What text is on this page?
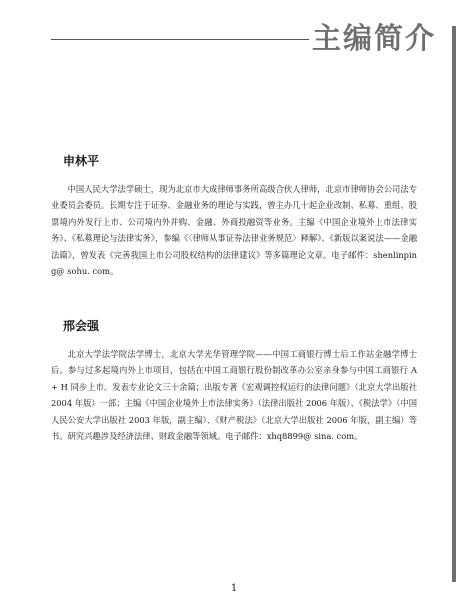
主编简介
申林平

中国人民大学法学硕士，现为北京市大成律师事务所高级合伙人律师，北京市律师协会公司法专业委员会委员。长期专注于证券、金融业务的理论与实践，曾主办几十起企业改制、私募、重组、股票境内外发行上市、公司境内外并购、金融、外商投融资等业务。主编《中国企业境外上市法律实务》、《私募理论与法律实务》，参编《〈律师从事证券法律业务规范〉释解》、《新版以案说法——金融法篇》，曾发表《完善我国上市公司股权结构的法律建议》等多篇理论文章。电子邮件：shenlinping@ sohu. com。

邢会强

北京大学法学院法学博士，北京大学光华管理学院——中国工商银行博士后工作站金融学博士后。参与过多起境内外上市项目，包括在中国工商银行股份制改革办公室亲身参与中国工商银行 A + H 同步上市。发表专业论文三十余篇；出版专著《宏观调控权运行的法律问题》（北京大学出版社 2004 年版）一部；主编《中国企业境外上市法律实务》（法律出版社 2006 年版）、《税法学》（中国人民公安大学出版社 2003 年版，副主编）、《财产税法》（北京大学出版社 2006 年版，副主编）等书。研究兴趣涉及经济法律、财政金融等领域。电子邮件：xhq8899@ sina. com。

1
